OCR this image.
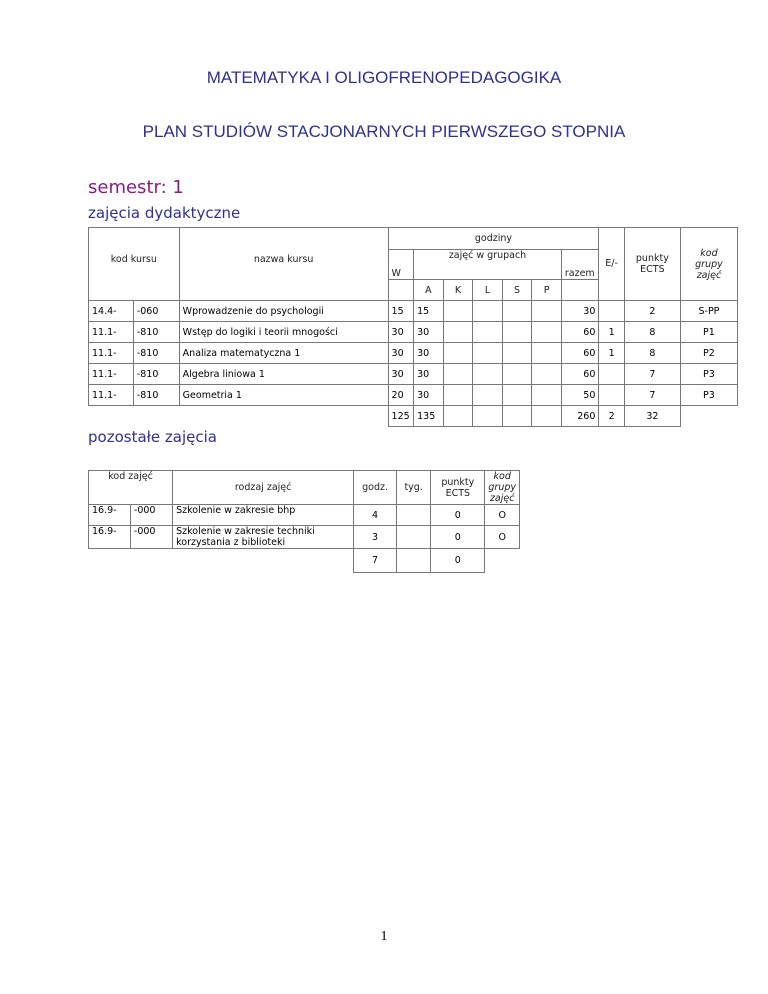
MATEMATYKA I OLIGOFRENOPEDAGOGIKA
PLAN STUDIÓW STACJONARNYCH PIERWSZEGO STOPNIA
semestr: 1
zajęcia dydaktyczne
kod kursu		nazwa kursu	godziny							E/-	punkty ECTS	kod grupy zajęć
			W	zajęć w grupach					razem			
				A	K	L	S	P				
14.4-	-060	Wprowadzenie do psychologii	15	15					30		2	S-PP
11.1-	-810	Wstęp do logiki i teorii mnogości	30	30					60	1	8	P1
11.1-	-810	Analiza matematyczna 1	30	30					60	1	8	P2
11.1-	-810	Algebra liniowa 1	30	30					60		7	P3
11.1-	-810	Geometria 1	20	30					50		7	P3
			125	135					260	2	32	
pozostałe zajęcia
kod zajęć		rodzaj zajęć	godz.	tyg.	punkty ECTS	kod grupy zajęć
16.9-	-000	Szkolenie w zakresie bhp	4		0	O
16.9-	-000	Szkolenie w zakresie techniki korzystania z biblioteki	3		0	O
			7		0	
1
